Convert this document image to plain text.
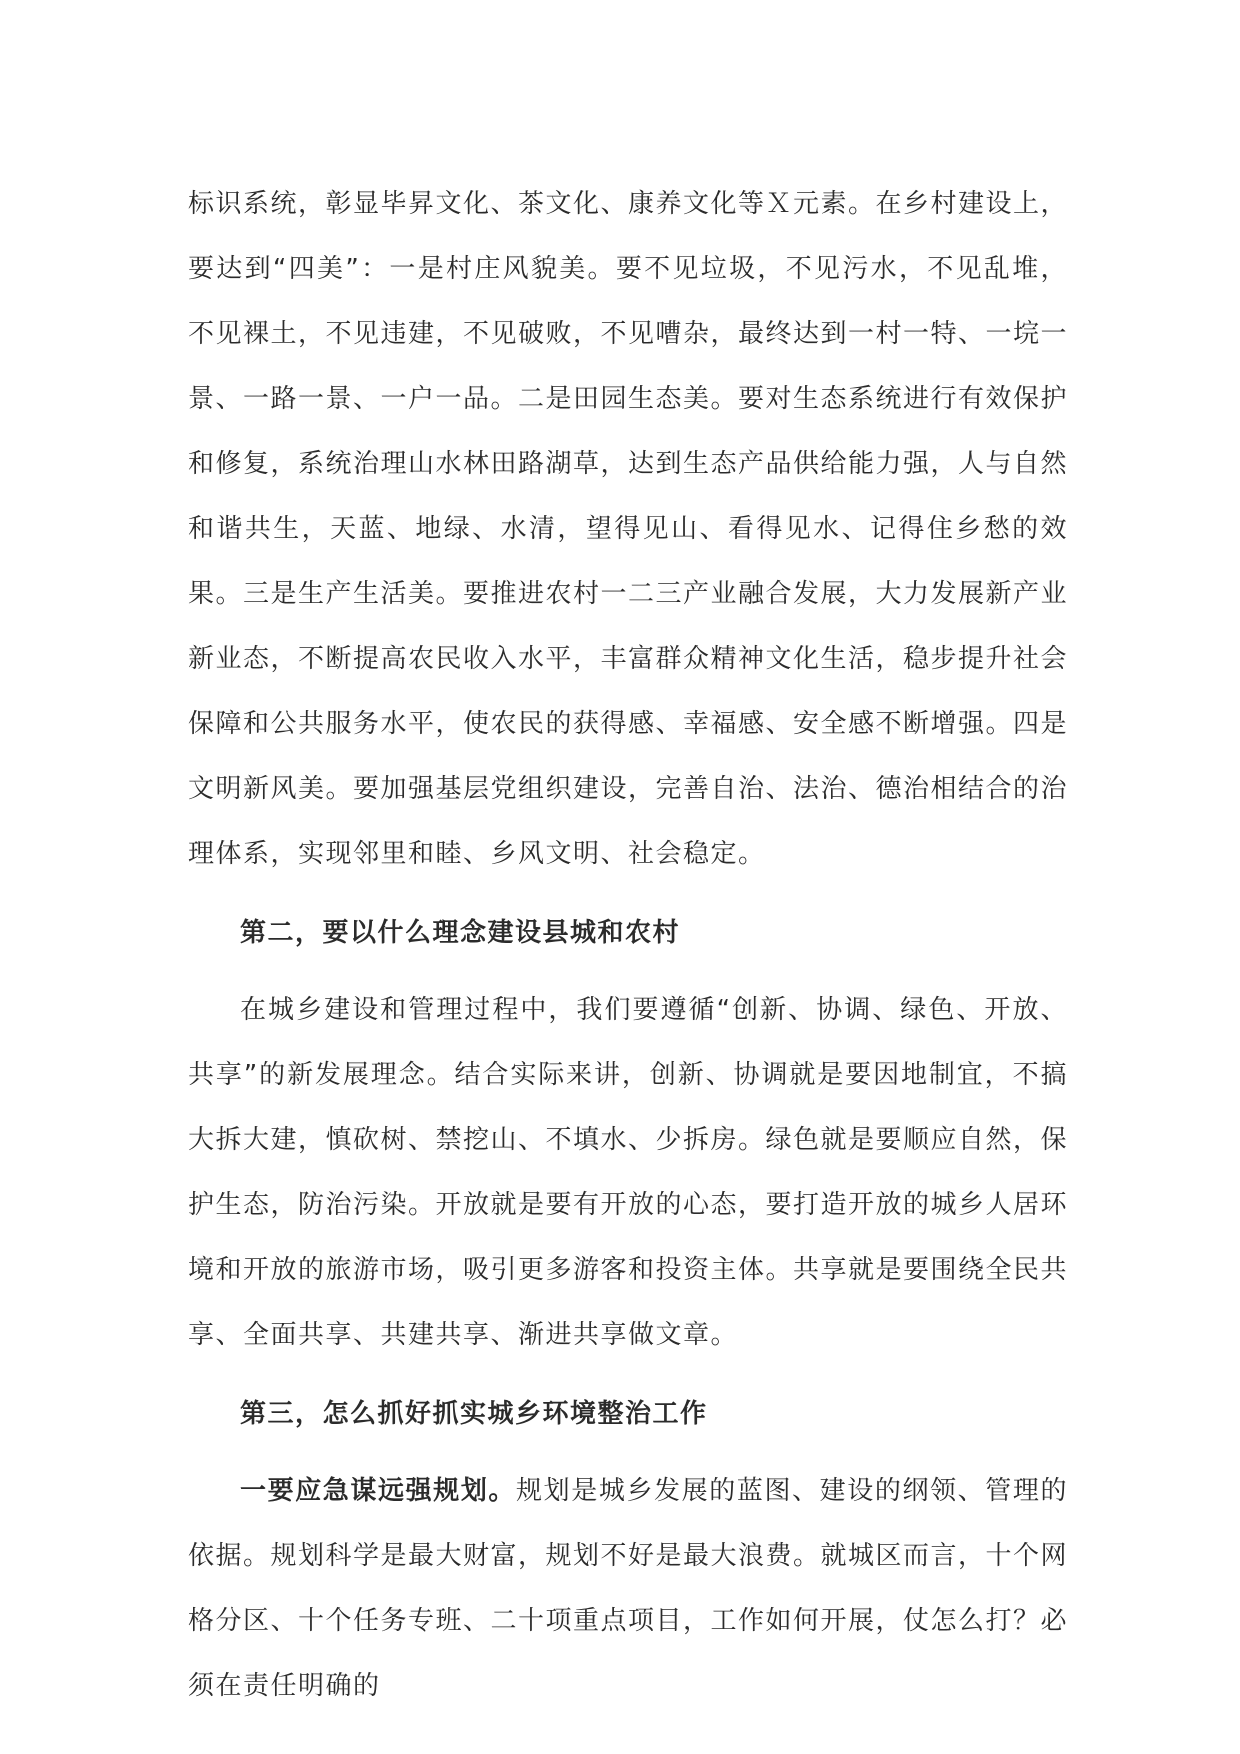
标识系统，彰显毕昇文化、茶文化、康养文化等Ｘ元素。在乡村建设上，要达到“四美”：一是村庄风貌美。要不见垃圾，不见污水，不见乱堆，不见裸土，不见违建，不见破败，不见嘈杂，最终达到一村一特、一垸一景、一路一景、一户一品。二是田园生态美。要对生态系统进行有效保护和修复，系统治理山水林田路湖草，达到生态产品供给能力强，人与自然和谐共生，天蓝、地绿、水清，望得见山、看得见水、记得住乡愁的效果。三是生产生活美。要推进农村一二三产业融合发展，大力发展新产业新业态，不断提高农民收入水平，丰富群众精神文化生活，稳步提升社会保障和公共服务水平，使农民的获得感、幸福感、安全感不断增强。四是文明新风美。要加强基层党组织建设，完善自治、法治、德治相结合的治理体系，实现邻里和睦、乡风文明、社会稳定。

第二，要以什么理念建设县城和农村

在城乡建设和管理过程中，我们要遵循“创新、协调、绿色、开放、共享”的新发展理念。结合实际来讲，创新、协调就是要因地制宜，不搞大拆大建，慎砍树、禁挖山、不填水、少拆房。绿色就是要顺应自然，保护生态，防治污染。开放就是要有开放的心态，要打造开放的城乡人居环境和开放的旅游市场，吸引更多游客和投资主体。共享就是要围绕全民共享、全面共享、共建共享、渐进共享做文章。

第三，怎么抓好抓实城乡环境整治工作

一要应急谋远强规划。规划是城乡发展的蓝图、建设的纲领、管理的依据。规划科学是最大财富，规划不好是最大浪费。就城区而言，十个网格分区、十个任务专班、二十项重点项目，工作如何开展，仗怎么打？必须在责任明确的
